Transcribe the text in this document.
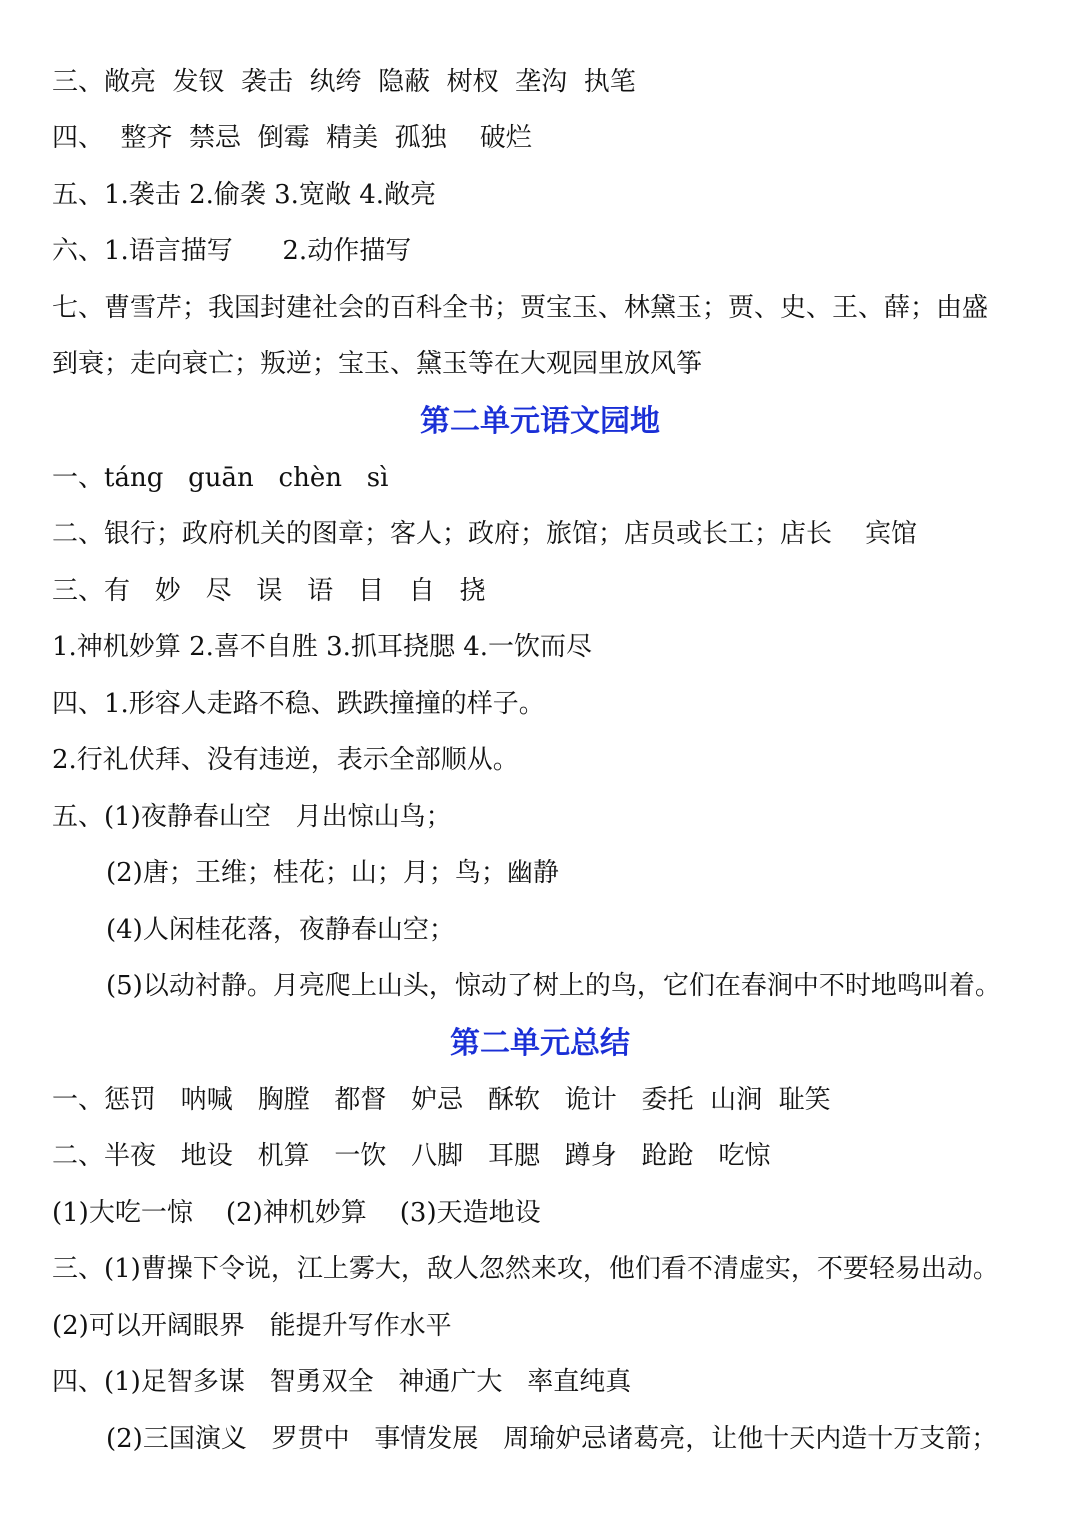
三、敞亮  发钗  袭击  纨绔  隐蔽  树杈  垄沟  执笔
四、  整齐  禁忌  倒霉  精美  孤独    破烂
五、1.袭击 2.偷袭 3.宽敞 4.敞亮
六、1.语言描写      2.动作描写
七、曹雪芹；我国封建社会的百科全书；贾宝玉、林黛玉；贾、史、王、薛；由盛
到衰；走向衰亡；叛逆；宝玉、黛玉等在大观园里放风筝
第二单元语文园地
一、táng   guān   chèn   sì
二、银行；政府机关的图章；客人；政府；旅馆；店员或长工；店长    宾馆
三、有   妙   尽   误   语   目   自   挠
1.神机妙算 2.喜不自胜 3.抓耳挠腮 4.一饮而尽
四、1.形容人走路不稳、跌跌撞撞的样子。
2.行礼伏拜、没有违逆，表示全部顺从。
五、(1)夜静春山空   月出惊山鸟；
(2)唐；王维；桂花；山；月；鸟；幽静
(4)人闲桂花落，夜静春山空；
(5)以动衬静。月亮爬上山头，惊动了树上的鸟，它们在春涧中不时地鸣叫着。
第二单元总结
一、惩罚   呐喊   胸膛   都督   妒忌   酥软   诡计   委托  山涧  耻笑
二、半夜   地设   机算   一饮   八脚   耳腮   蹲身   跄跄   吃惊
(1)大吃一惊    (2)神机妙算    (3)天造地设
三、(1)曹操下令说，江上雾大，敌人忽然来攻，他们看不清虚实，不要轻易出动。
(2)可以开阔眼界   能提升写作水平
四、(1)足智多谋   智勇双全   神通广大   率直纯真
(2)三国演义   罗贯中   事情发展   周瑜妒忌诸葛亮，让他十天内造十万支箭；
